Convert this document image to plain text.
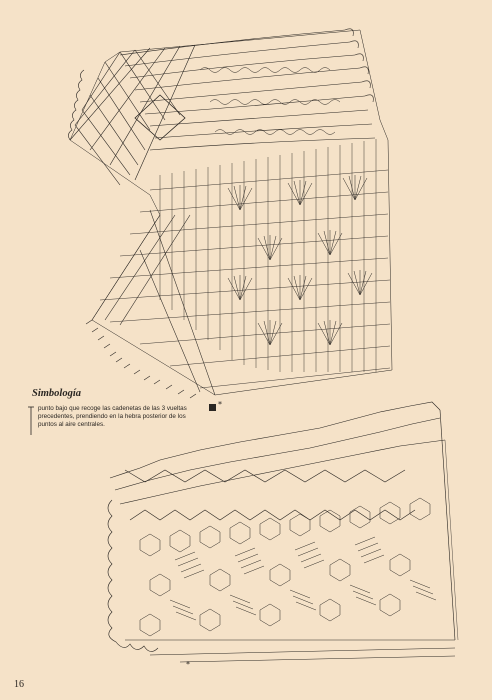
*
*
Simbología
punto bajo que recoge las cadenetas de las 3 vueltas precedentes, prendiendo en la hebra posterior de los puntos al aire centrales.
16
